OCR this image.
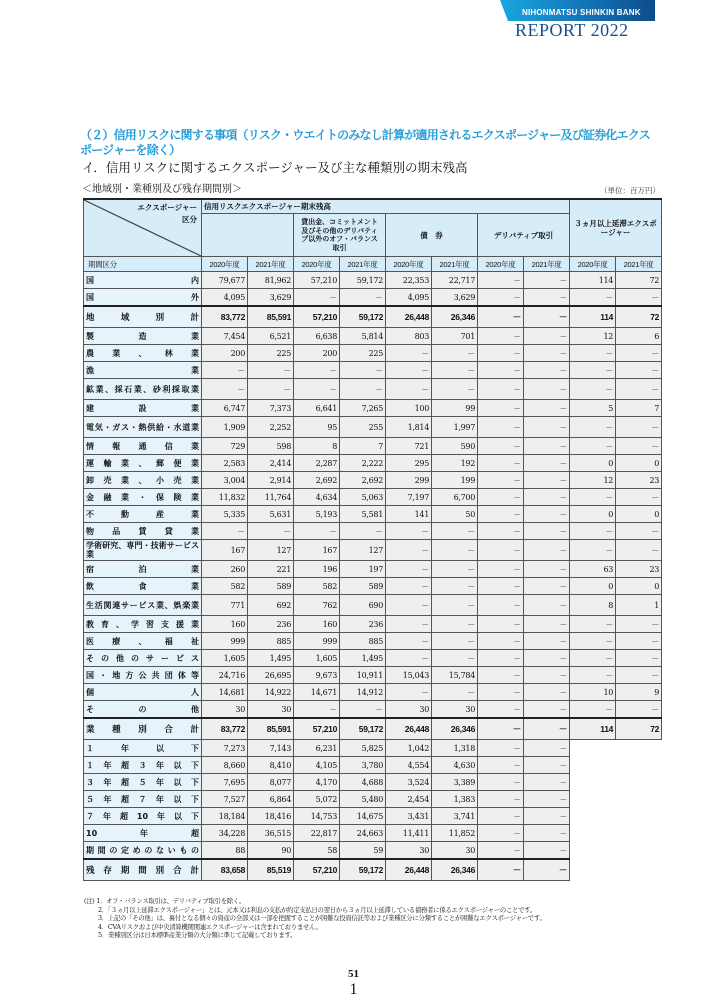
NIHONMATSU SHINKIN BANK
REPORT 2022
（２）信用リスクに関する事項（リスク・ウエイトのみなし計算が適用されるエクスポージャー及び証券化エクスポージャーを除く）
イ．信用リスクに関するエクスポージャー及び主な種類別の期末残高
＜地域別・業種別及び残存期間別＞	（単位：百万円）
エクスポージャー
区分	信用リスクエクスポージャー期末残高								３ヵ月以上延滞エクスポージャー	
			貸出金、コミットメント及びその他のデリバティブ以外のオフ・バランス取引		債　券		デリバティブ取引			
期間区分	2020年度	2021年度	2020年度	2021年度	2020年度	2021年度	2020年度	2021年度	2020年度	2021年度
国　　　内	79,677	81,962	57,210	59,172	22,353	22,717	－	－	114	72
国　　　外	4,095	3,629	－	－	4,095	3,629	－	－	－	－
地域別計	83,772	85,591	57,210	59,172	26,448	26,346	－	－	114	72
製造業	7,454	6,521	6,638	5,814	803	701	－	－	12	6
農業、林業	200	225	200	225	－	－	－	－	－	－
漁業	－	－	－	－	－	－	－	－	－	－
鉱業、採石業、砂利採取業	－	－	－	－	－	－	－	－	－	－
建設業	6,747	7,373	6,641	7,265	100	99	－	－	5	7
電気・ガス・熱供給・水道業	1,909	2,252	95	255	1,814	1,997	－	－	－	－
情報通信業	729	598	8	7	721	590	－	－	－	－
運輸業、郵便業	2,583	2,414	2,287	2,222	295	192	－	－	0	0
卸売業、小売業	3,004	2,914	2,692	2,692	299	199	－	－	12	23
金融業・保険業	11,832	11,764	4,634	5,063	7,197	6,700	－	－	－	－
不動産業	5,335	5,631	5,193	5,581	141	50	－	－	0	0
物品賃貸業	－	－	－	－	－	－	－	－	－	－
学術研究、専門・技術サービス業	167	127	167	127	－	－	－	－	－	－
宿泊業	260	221	196	197	－	－	－	－	63	23
飲食業	582	589	582	589	－	－	－	－	0	0
生活関連サービス業、娯楽業	771	692	762	690	－	－	－	－	8	1
教育、学習支援業	160	236	160	236	－	－	－	－	－	－
医療、福祉	999	885	999	885	－	－	－	－	－	－
その他のサービス	1,605	1,495	1,605	1,495	－	－	－	－	－	－
国・地方公共団体等	24,716	26,695	9,673	10,911	15,043	15,784	－	－	－	－
個　　　人	14,681	14,922	14,671	14,912	－	－	－	－	10	9
そ　の　他	30	30	－	－	30	30	－	－	－	－
業種別合計	83,772	85,591	57,210	59,172	26,448	26,346	－	－	114	72
１年以下	7,273	7,143	6,231	5,825	1,042	1,318	－	－		
１年超３年以下	8,660	8,410	4,105	3,780	4,554	4,630	－	－		
３年超５年以下	7,695	8,077	4,170	4,688	3,524	3,389	－	－		
５年超７年以下	7,527	6,864	5,072	5,480	2,454	1,383	－	－		
７年超10年以下	18,184	18,416	14,753	14,675	3,431	3,741	－	－		
10　年　超	34,228	36,515	22,817	24,663	11,411	11,852	－	－		
期間の定めのないもの	88	90	58	59	30	30	－	－		
残存期間別合計	83,658	85,519	57,210	59,172	26,448	26,346	－	－		
(注) 1．オフ・バランス取引は、デリバティブ取引を除く。
2．「３ヵ月以上延滞エクスポージャー」とは、元本又は利息の支払が約定支払日の翌日から３ヵ月以上延滞している債務者に係るエクスポージャーのことです。
3．上記の「その他」は、裏付となる個々の資産の全部又は一部を把握することが困難な投資信託等および業種区分に分類することが困難なエクスポージャーです。
4．CVAリスクおよび中央清算機関関連エクスポージャーは含まれておりません。
5．業種別区分は日本標準産業分類の大分類に準じて記載しております。
51
1
